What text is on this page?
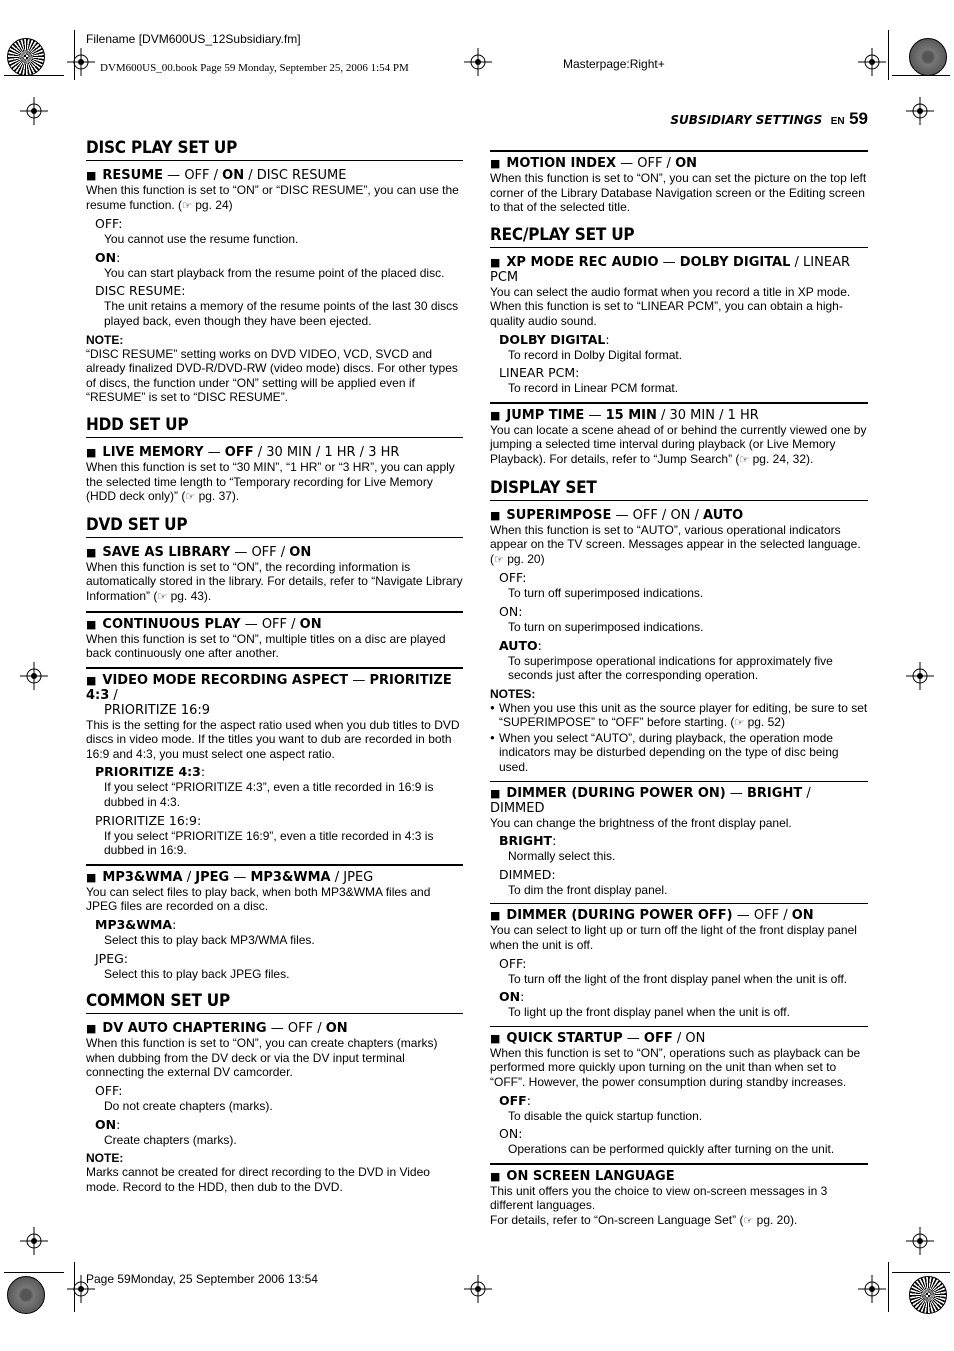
Filename [DVM600US_12Subsidiary.fm]
DVM600US_00.book Page 59 Monday, September 25, 2006 1:54 PM	Masterpage:Right+
SUBSIDIARY SETTINGS EN 59
DISC PLAY SET UP
■ RESUME — OFF / ON / DISC RESUME
When this function is set to “ON” or “DISC RESUME”, you can use the resume function. (☞ pg. 24)
OFF:
You cannot use the resume function.
ON:
You can start playback from the resume point of the placed disc.
DISC RESUME:
The unit retains a memory of the resume points of the last 30 discs played back, even though they have been ejected.
NOTE:
“DISC RESUME” setting works on DVD VIDEO, VCD, SVCD and already finalized DVD-R/DVD-RW (video mode) discs. For other types of discs, the function under “ON” setting will be applied even if “RESUME” is set to “DISC RESUME”.
HDD SET UP
■ LIVE MEMORY — OFF / 30 MIN / 1 HR / 3 HR
When this function is set to “30 MIN”, “1 HR” or “3 HR”, you can apply the selected time length to “Temporary recording for Live Memory (HDD deck only)” (☞ pg. 37).
DVD SET UP
■ SAVE AS LIBRARY — OFF / ON
When this function is set to “ON”, the recording information is automatically stored in the library. For details, refer to “Navigate Library Information” (☞ pg. 43).
■ CONTINUOUS PLAY — OFF / ON
When this function is set to “ON”, multiple titles on a disc are played back continuously one after another.
■ VIDEO MODE RECORDING ASPECT — PRIORITIZE 4:3 /
PRIORITIZE 16:9
This is the setting for the aspect ratio used when you dub titles to DVD discs in video mode. If the titles you want to dub are recorded in both 16:9 and 4:3, you must select one aspect ratio.
PRIORITIZE 4:3:
If you select “PRIORITIZE 4:3”, even a title recorded in 16:9 is dubbed in 4:3.
PRIORITIZE 16:9:
If you select “PRIORITIZE 16:9”, even a title recorded in 4:3 is dubbed in 16:9.
■ MP3&WMA / JPEG — MP3&WMA / JPEG
You can select files to play back, when both MP3&WMA files and JPEG files are recorded on a disc.
MP3&WMA:
Select this to play back MP3/WMA files.
JPEG:
Select this to play back JPEG files.
COMMON SET UP
■ DV AUTO CHAPTERING — OFF / ON
When this function is set to “ON”, you can create chapters (marks) when dubbing from the DV deck or via the DV input terminal connecting the external DV camcorder.
OFF:
Do not create chapters (marks).
ON:
Create chapters (marks).
NOTE:
Marks cannot be created for direct recording to the DVD in Video mode. Record to the HDD, then dub to the DVD.
■ MOTION INDEX — OFF / ON
When this function is set to “ON”, you can set the picture on the top left corner of the Library Database Navigation screen or the Editing screen to that of the selected title.
REC/PLAY SET UP
■ XP MODE REC AUDIO — DOLBY DIGITAL / LINEAR PCM
You can select the audio format when you record a title in XP mode. When this function is set to “LINEAR PCM”, you can obtain a high-quality audio sound.
DOLBY DIGITAL:
To record in Dolby Digital format.
LINEAR PCM:
To record in Linear PCM format.
■ JUMP TIME — 15 MIN / 30 MIN / 1 HR
You can locate a scene ahead of or behind the currently viewed one by jumping a selected time interval during playback (or Live Memory Playback). For details, refer to “Jump Search” (☞ pg. 24, 32).
DISPLAY SET
■ SUPERIMPOSE — OFF / ON / AUTO
When this function is set to “AUTO”, various operational indicators appear on the TV screen. Messages appear in the selected language. (☞ pg. 20)
OFF:
To turn off superimposed indications.
ON:
To turn on superimposed indications.
AUTO:
To superimpose operational indications for approximately five seconds just after the corresponding operation.
NOTES:
● When you use this unit as the source player for editing, be sure to set “SUPERIMPOSE” to “OFF” before starting. (☞ pg. 52)
● When you select “AUTO”, during playback, the operation mode indicators may be disturbed depending on the type of disc being used.
■ DIMMER (DURING POWER ON) — BRIGHT / DIMMED
You can change the brightness of the front display panel.
BRIGHT:
Normally select this.
DIMMED:
To dim the front display panel.
■ DIMMER (DURING POWER OFF) — OFF / ON
You can select to light up or turn off the light of the front display panel when the unit is off.
OFF:
To turn off the light of the front display panel when the unit is off.
ON:
To light up the front display panel when the unit is off.
■ QUICK STARTUP — OFF / ON
When this function is set to “ON”, operations such as playback can be performed more quickly upon turning on the unit than when set to “OFF”. However, the power consumption during standby increases.
OFF:
To disable the quick startup function.
ON:
Operations can be performed quickly after turning on the unit.
■ ON SCREEN LANGUAGE
This unit offers you the choice to view on-screen messages in 3 different languages.
For details, refer to “On-screen Language Set” (☞ pg. 20).
Page 59Monday, 25 September 2006 13:54
